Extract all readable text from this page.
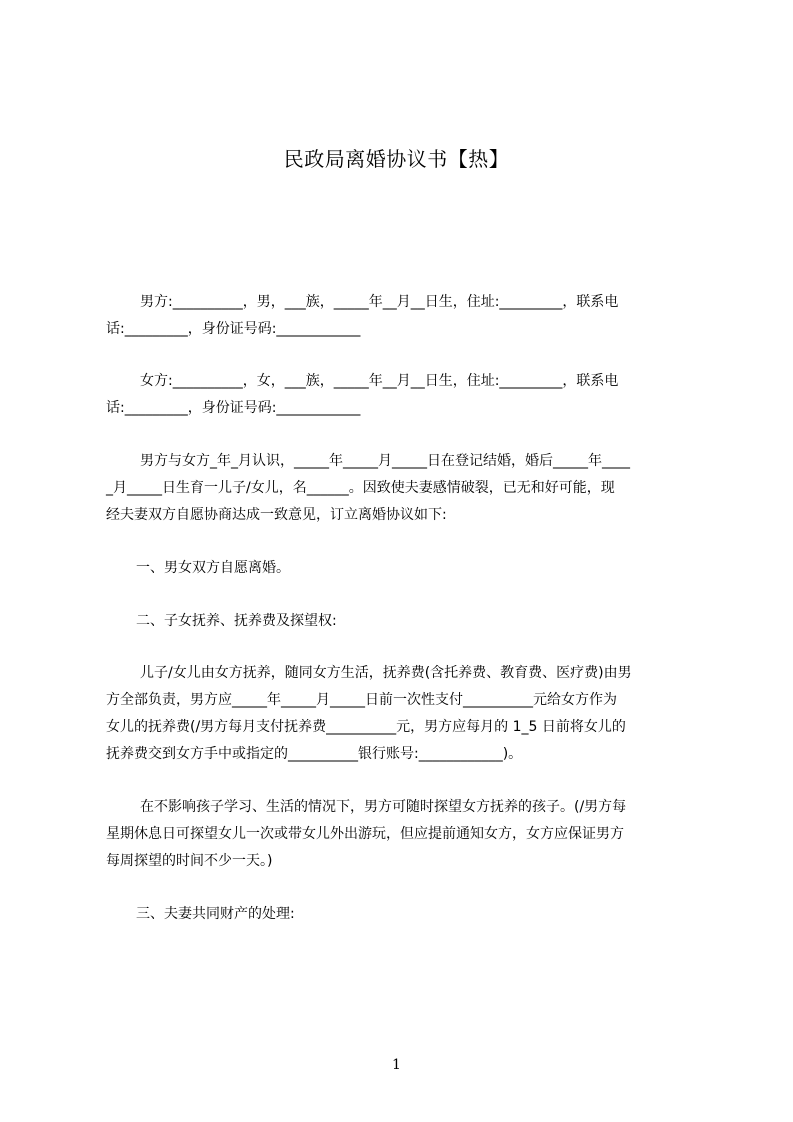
民政局离婚协议书【热】
男方:__________，男，___族，_____年__月__日生，住址:_________，联系电
话:_________，身份证号码:____________
女方:__________，女，___族，_____年__月__日生，住址:_________，联系电
话:_________，身份证号码:____________
男方与女方_年_月认识，_____年_____月_____日在登记结婚，婚后_____年____
_月_____日生育一儿子/女儿，名______。因致使夫妻感情破裂，已无和好可能，现
经夫妻双方自愿协商达成一致意见，订立离婚协议如下:
一、男女双方自愿离婚。
二、子女抚养、抚养费及探望权:
儿子/女儿由女方抚养，随同女方生活，抚养费(含托养费、教育费、医疗费)由男
方全部负责，男方应_____年_____月_____日前一次性支付__________元给女方作为
女儿的抚养费(/男方每月支付抚养费__________元，男方应每月的 1_5 日前将女儿的
抚养费交到女方手中或指定的__________银行账号:____________)。
在不影响孩子学习、生活的情况下，男方可随时探望女方抚养的孩子。(/男方每
星期休息日可探望女儿一次或带女儿外出游玩，但应提前通知女方，女方应保证男方
每周探望的时间不少一天。)
三、夫妻共同财产的处理:
1
